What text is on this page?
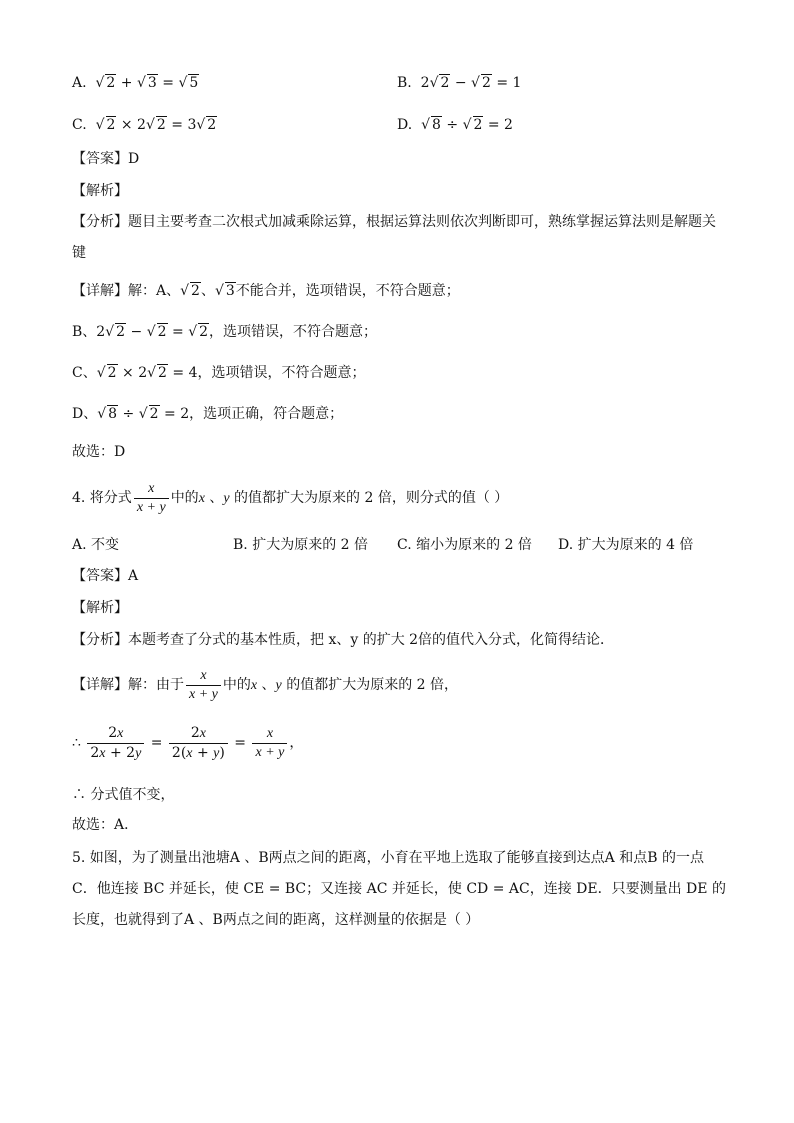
A. √ 2 + √ 3 = √ 5	B.  2√ 2 − √ 2 = 1
C. √ 2 × 2√ 2 = 3√ 2	D. √ 8 ÷ √ 2 = 2
【答案】D
【解析】
【分析】题目主要考查二次根式加减乘除运算，根据运算法则依次判断即可，熟练掌握运算法则是解题关
键
【详解】解：A、√ 2、√ 3不能合并，选项错误，不符合题意；
B、2√ 2 − √ 2 = √ 2，选项错误，不符合题意；
C、√ 2 × 2√ 2 = 4，选项错误，不符合题意；
D、√ 8 ÷ √ 2 = 2，选项正确，符合题意；
故选：D
4. 将分式 $\frac{x}{x + y}$ 中的x 、y 的值都扩大为原来的 2 倍，则分式的值（ ）
A. 不变	B. 扩大为原来的 2 倍 C. 缩小为原来的 2 倍 D. 扩大为原来的 4 倍
【答案】A
【解析】
【分析】本题考查了分式的基本性质，把 x、y 的扩大 2倍的值代入分式，化简得结论．
【详解】解：由于 $\frac{x}{x + y}$ 中的x 、y 的值都扩大为原来的 2 倍，
∴ $\frac{2x}{2x + 2y} = \frac{2x}{2(x + y)} = \frac{x}{x + y}$ ，
∴ 分式值不变，
故选：A．
5. 如图，为了测量出池塘A 、B两点之间的距离，小育在平地上选取了能够直接到达点A 和点B 的一点
C．他连接 BC 并延长，使 CE = BC；又连接 AC 并延长，使 CD = AC，连接 DE．只要测量出 DE 的
长度，也就得到了A 、B两点之间的距离，这样测量的依据是（ ）
